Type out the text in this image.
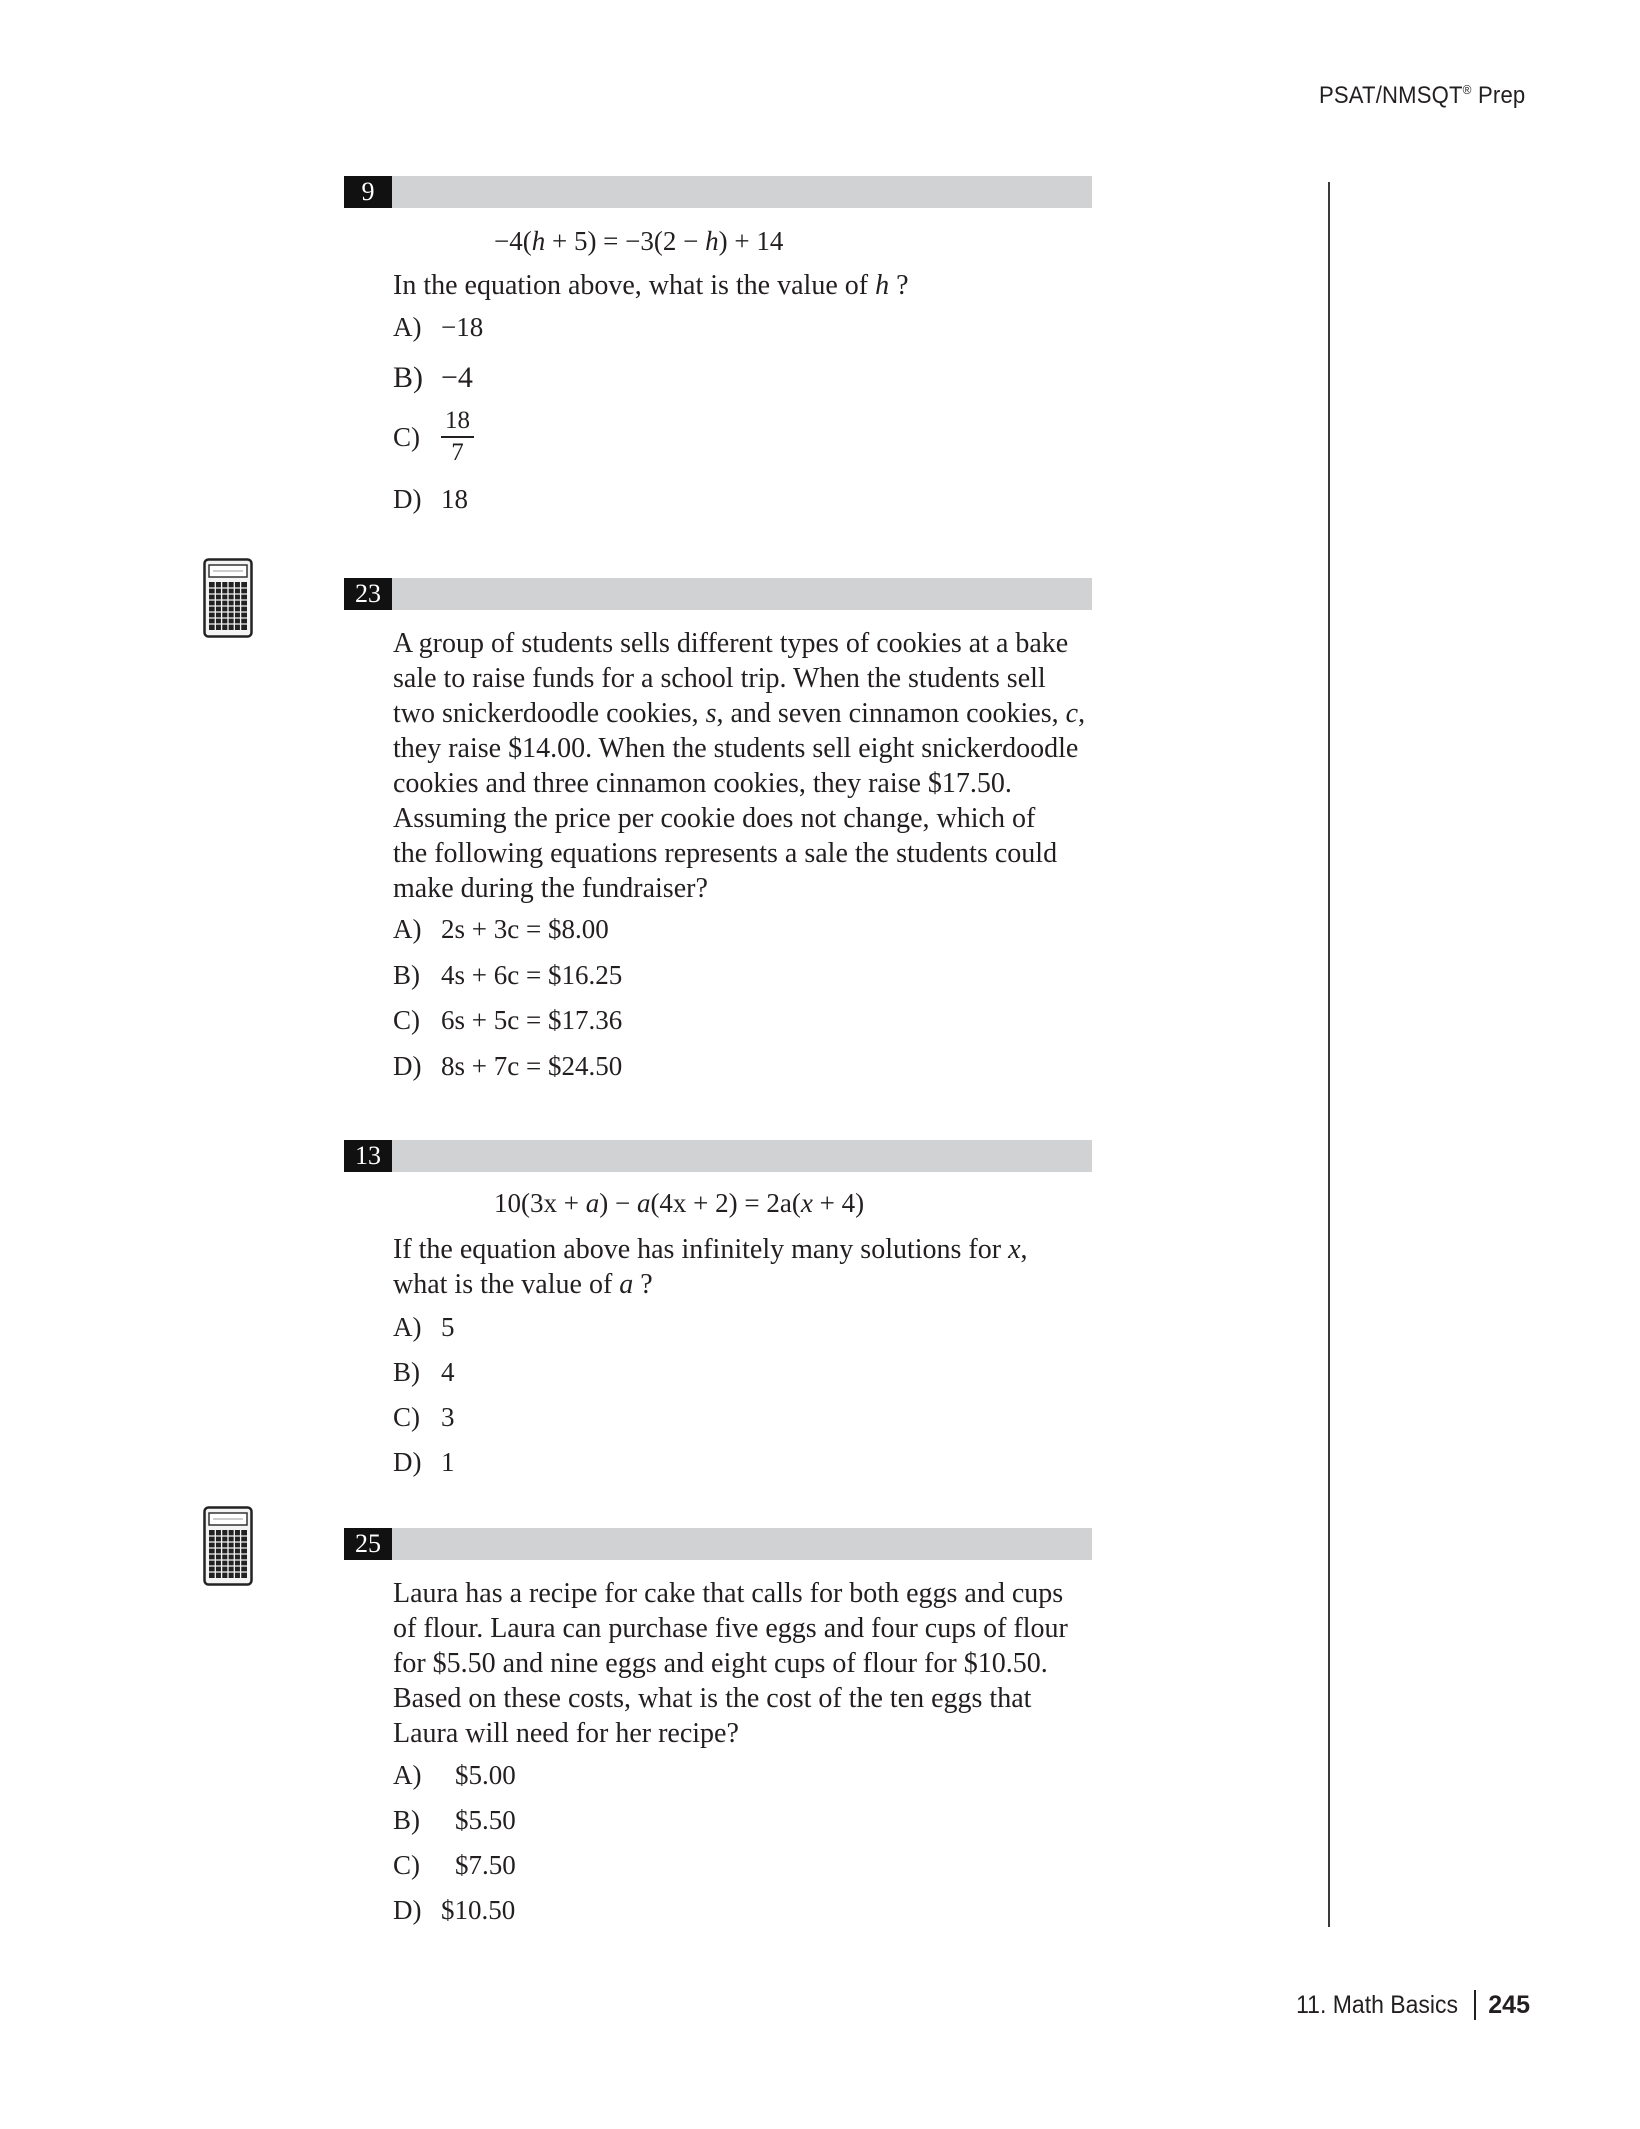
PSAT/NMSQT® Prep
9
−4(h + 5) = −3(2 − h) + 14
In the equation above, what is the value of h ?
A) −18
B) −4
$C) \frac{18}{7}$
D) 18
23
A group of students sells different types of cookies at a bake
sale to raise funds for a school trip. When the students sell
two snickerdoodle cookies, s, and seven cinnamon cookies, c,
they raise $14.00. When the students sell eight snickerdoodle
cookies and three cinnamon cookies, they raise $17.50.
Assuming the price per cookie does not change, which of
the following equations represents a sale the students could
make during the fundraiser?
A) 2s + 3c = $8.00
B) 4s + 6c = $16.25
C) 6s + 5c = $17.36
D) 8s + 7c = $24.50
13
10(3x + a) − a(4x + 2) = 2a(x + 4)
If the equation above has infinitely many solutions for x,
what is the value of a ?
A) 5
B) 4
C) 3
D) 1
25
Laura has a recipe for cake that calls for both eggs and cups
of flour. Laura can purchase five eggs and four cups of flour
for $5.50 and nine eggs and eight cups of flour for $10.50.
Based on these costs, what is the cost of the ten eggs that
Laura will need for her recipe?
A)	$5.00
B)	$5.50
C)	$7.50
D) $10.50
11. Math Basics 245
